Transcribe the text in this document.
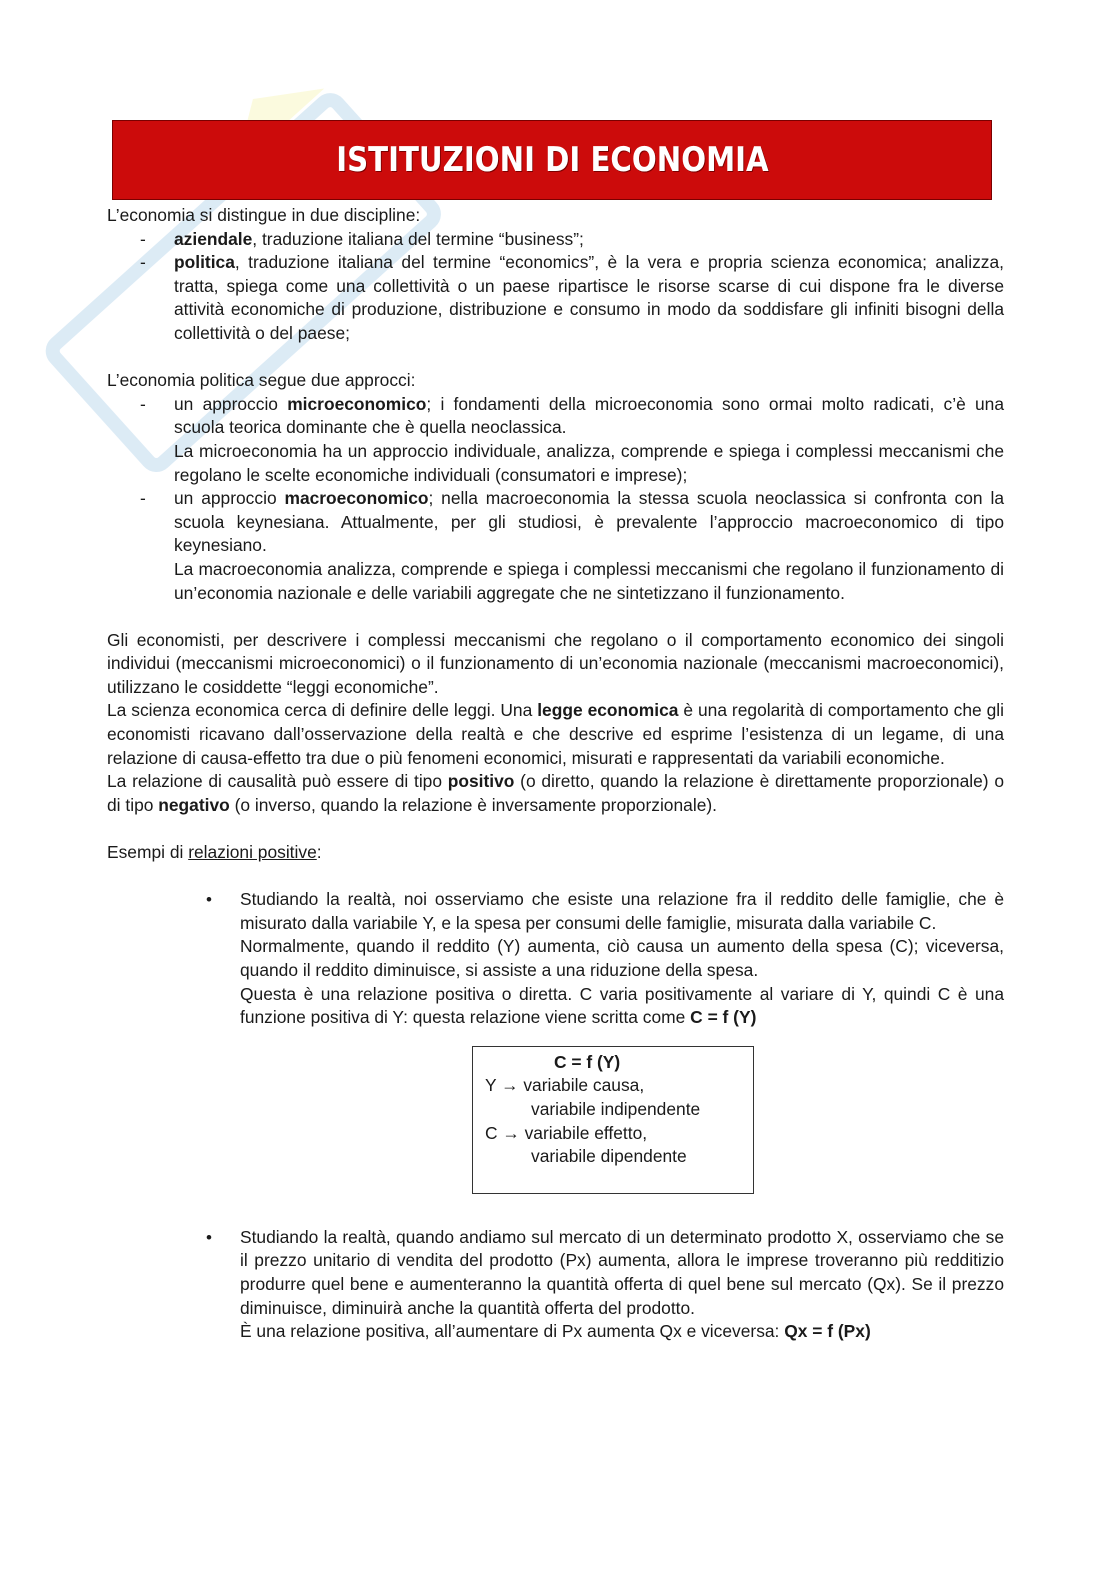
ISTITUZIONI DI ECONOMIA

L’economia si distingue in due discipline:

- aziendale, traduzione italiana del termine “business”;
- politica, traduzione italiana del termine “economics”, è la vera e propria scienza economica; analizza, tratta, spiega come una collettività o un paese ripartisce le risorse scarse di cui dispone fra le diverse attività economiche di produzione, distribuzione e consumo in modo da soddisfare gli infiniti bisogni della collettività o del paese;

L’economia politica segue due approcci:

- un approccio microeconomico; i fondamenti della microeconomia sono ormai molto radicati, c’è una scuola teorica dominante che è quella neoclassica.
La microeconomia ha un approccio individuale, analizza, comprende e spiega i complessi meccanismi che regolano le scelte economiche individuali (consumatori e imprese);
- un approccio macroeconomico; nella macroeconomia la stessa scuola neoclassica si confronta con la scuola keynesiana. Attualmente, per gli studiosi, è prevalente l’approccio macroeconomico di tipo keynesiano.
La macroeconomia analizza, comprende e spiega i complessi meccanismi che regolano il funzionamento di un’economia nazionale e delle variabili aggregate che ne sintetizzano il funzionamento.

Gli economisti, per descrivere i complessi meccanismi che regolano o il comportamento economico dei singoli individui (meccanismi microeconomici) o il funzionamento di un’economia nazionale (meccanismi macroeconomici), utilizzano le cosiddette “leggi economiche”.

La scienza economica cerca di definire delle leggi. Una legge economica è una regolarità di comportamento che gli economisti ricavano dall’osservazione della realtà e che descrive ed esprime l’esistenza di un legame, di una relazione di causa-effetto tra due o più fenomeni economici, misurati e rappresentati da variabili economiche.

La relazione di causalità può essere di tipo positivo (o diretto, quando la relazione è direttamente proporzionale) o di tipo negativo (o inverso, quando la relazione è inversamente proporzionale).

Esempi di relazioni positive:

• Studiando la realtà, noi osserviamo che esiste una relazione fra il reddito delle famiglie, che è misurato dalla variabile Y, e la spesa per consumi delle famiglie, misurata dalla variabile C.
Normalmente, quando il reddito (Y) aumenta, ciò causa un aumento della spesa (C); viceversa, quando il reddito diminuisce, si assiste a una riduzione della spesa.
Questa è una relazione positiva o diretta. C varia positivamente al variare di Y, quindi C è una funzione positiva di Y: questa relazione viene scritta come C = f (Y)
C = f (Y)
Y → variabile causa,
variabile indipendente
C → variabile effetto,
variabile dipendente
• Studiando la realtà, quando andiamo sul mercato di un determinato prodotto X, osserviamo che se il prezzo unitario di vendita del prodotto (Px) aumenta, allora le imprese troveranno più redditizio produrre quel bene e aumenteranno la quantità offerta di quel bene sul mercato (Qx). Se il prezzo diminuisce, diminuirà anche la quantità offerta del prodotto.
È una relazione positiva, all’aumentare di Px aumenta Qx e viceversa: Qx = f (Px)
